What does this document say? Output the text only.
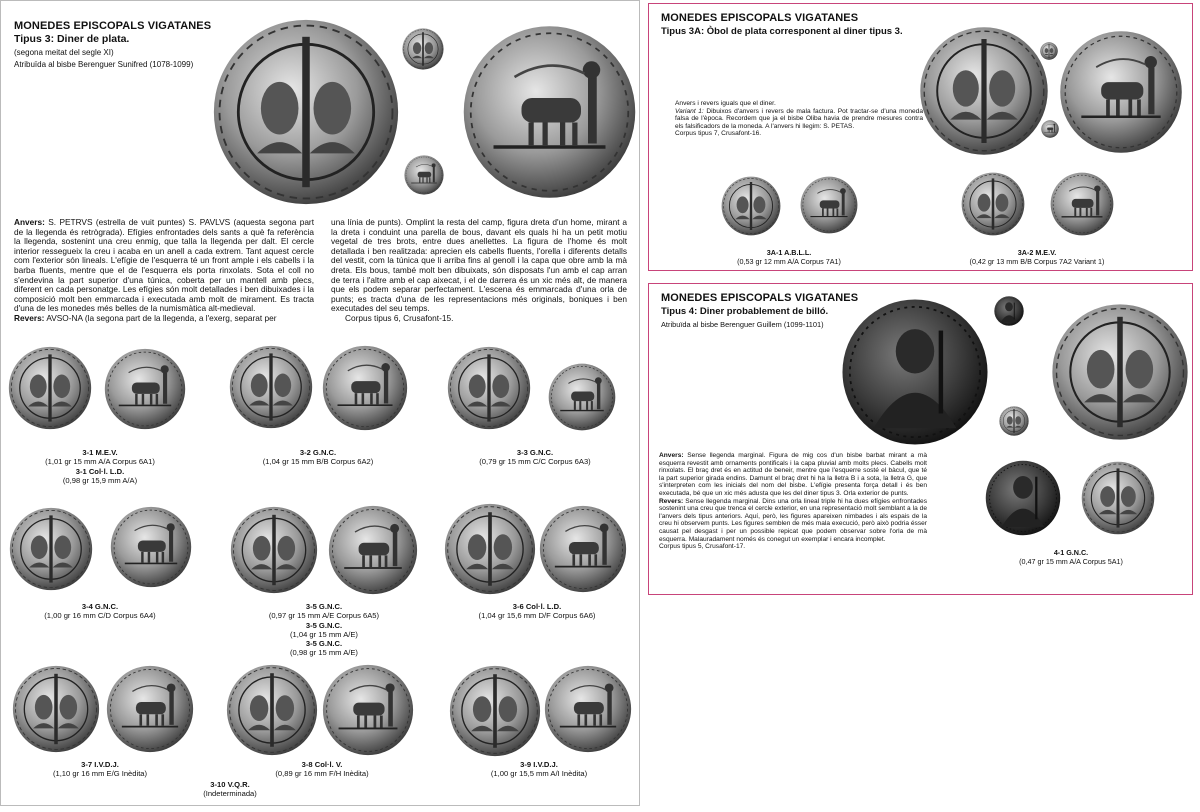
MONEDES EPISCOPALS VIGATANES
Tipus 3: Diner de plata.
(segona meitat del segle XI)
Atribuïda al bisbe Berenguer Sunifred (1078-1099)

Anvers: S. PETRVS (estrella de vuit puntes) S. PAVLVS (aquesta segona part de la llegenda és retrògrada). Efígies enfrontades dels sants a què fa referència la llegenda, sostenint una creu enmig, que talla la llegenda per dalt. El cercle interior ressegueix la creu i acaba en un anell a cada extrem. Tant aquest cercle com l'exterior són lineals. L'efígie de l'esquerra té un front ample i els cabells i la barba fluents, mentre que el de l'esquerra els porta rinxolats. Sota el coll no s'endevina la part superior d'una túnica, coberta per un mantell amb plecs, diferent en cada personatge. Les efígies són molt detallades i ben dibuixades i la composició molt ben emmarcada i executada amb molt de mirament. Es tracta d'una de les monedes més belles de la numismàtica alt-medieval.

Revers: AVSO-NA (la segona part de la llegenda, a l'exerg, separat per

una línia de punts). Omplint la resta del camp, figura dreta d'un home, mirant a la dreta i conduint una parella de bous, davant els quals hi ha un petit motiu vegetal de tres brots, entre dues anellettes. La figura de l'home és molt detallada i ben realitzada: aprecien els cabells fluents, l'orella i diferents detalls del vestit, com la túnica que li arriba fins al genoll i la capa que obre amb la mà dreta. Els bous, també molt ben dibuixats, són disposats l'un amb el cap arran de terra i l'altre amb el cap aixecat, i el de darrera és un xic més alt, de manera que els podem separar perfectament. L'escena és emmarcada d'una orla de punts; es tracta d'una de les representacions més originals, boniques i ben executades del seu temps.

Corpus tipus 6, Crusafont-15.

3-1 M.E.V.
(1,01 gr 15 mm A/A Corpus 6A1)
3-1 Col·l. L.D.
(0,98 gr 15,9 mm A/A)
3-2 G.N.C.
(1,04 gr 15 mm B/B Corpus 6A2)
3-3 G.N.C.
(0,79 gr 15 mm C/C Corpus 6A3)
3-4 G.N.C.
(1,00 gr 16 mm C/D Corpus 6A4)
3-5 G.N.C.
(0,97 gr 15 mm A/E Corpus 6A5)
3-5 G.N.C.
(1,04 gr 15 mm A/E)
3-5 G.N.C.
(0,98 gr 15 mm A/E)
3-6 Col·l. L.D.
(1,04 gr 15,6 mm D/F Corpus 6A6)
3-7 I.V.D.J.
(1,10 gr 16 mm E/G Inèdita)
3-8 Col·l. V.
(0,89 gr 16 mm F/H Inèdita)
3-9 I.V.D.J.
(1,00 gr 15,5 mm A/I Inèdita)
3-10 V.Q.R.
(Indeterminada)
MONEDES EPISCOPALS VIGATANES
Tipus 3A: Òbol de plata corresponent al diner tipus 3.

Anvers i revers iguals que el diner.

Variant 1: Dibuixos d'anvers i revers de mala factura. Pot tractar-se d'una moneda falsa de l'època. Recordem que ja el bisbe Oliba havia de prendre mesures contra els falsificadors de la moneda. A l'anvers hi llegim: S. PETAS.

Corpus tipus 7, Crusafont-16.

3A-1 A.B.L.L.
(0,53 gr 12 mm A/A Corpus 7A1)
3A-2 M.E.V.
(0,42 gr 13 mm B/B Corpus 7A2 Variant 1)
MONEDES EPISCOPALS VIGATANES
Tipus 4: Diner probablement de billó.
Atribuïda al bisbe Berenguer Guillem (1099-1101)

Anvers: Sense llegenda marginal. Figura de mig cos d'un bisbe barbat mirant a mà esquerra revestit amb ornaments pontificals i la capa pluvial amb molts plecs. Cabells molt rinxolats. El braç dret és en actitud de beneir, mentre que l'esquerre sosté el bàcul, que té la part superior girada endins. Damunt el braç dret hi ha la lletra B i a sota, la lletra G, que s'interpreten com les inicials del nom del bisbe. L'efígie presenta força detall i és ben executada, bé que un xic més adusta que les del diner tipus 3. Orla exterior de punts.

Revers: Sense llegenda marginal. Dins una orla lineal triple hi ha dues efígies enfrontades sostenint una creu que trenca el cercle exterior, en una representació molt semblant a la de l'anvers dels tipus anteriors. Aquí, però, les figures apareixen nimbades i als espais de la creu hi observem punts. Les figures semblen de més mala execució, però això podria ésser causat pel desgast i per un possible repicat que podem observar sobre l'orla de mà esquerra. Malauradament només és conegut un exemplar i encara incomplet.

Corpus tipus 5, Crusafont-17.

4-1 G.N.C.
(0,47 gr 15 mm A/A Corpus 5A1)
